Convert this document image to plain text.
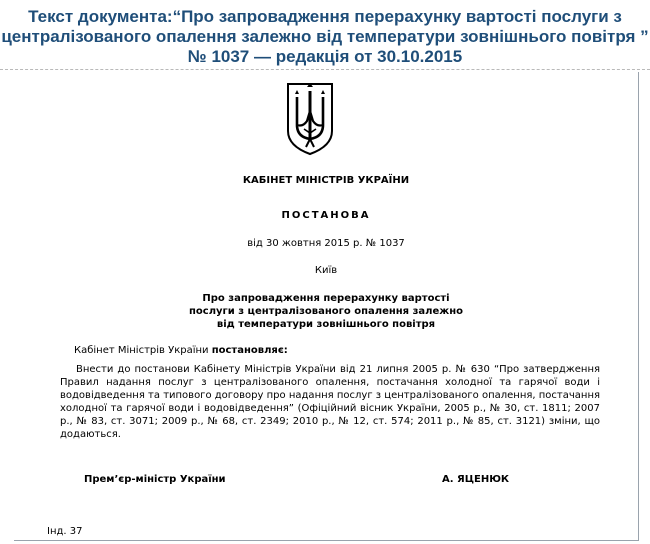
Текст документа:“Про запровадження перерахунку вартості послуги з централізованого опалення залежно від температури зовнішнього повітря ” № 1037 — редакція от 30.10.2015
КАБІНЕТ МІНІСТРІВ УКРАЇНИ
ПОСТАНОВА
від 30 жовтня 2015 р. № 1037
Київ
Про запровадження перерахунку вартості
послуги з централізованого опалення залежно
від температури зовнішнього повітря
Кабінет Міністрів України постановляє:
Внести до постанови Кабінету Міністрів України від 21 липня 2005 р. № 630 “Про затвердження Правил надання послуг з централізованого опалення, постачання холодної та гарячої води і водовідведення та типового договору про надання послуг з централізованого опалення, постачання холодної та гарячої води і водовідведення” (Офіційний вісник України, 2005 р., № 30, ст. 1811; 2007 р., № 83, ст. 3071; 2009 р., № 68, ст. 2349; 2010 р., № 12, ст. 574; 2011 р., № 85, ст. 3121) зміни, що додаються.
Прем’єр-міністр України	А. ЯЦЕНЮК
Інд. 37
